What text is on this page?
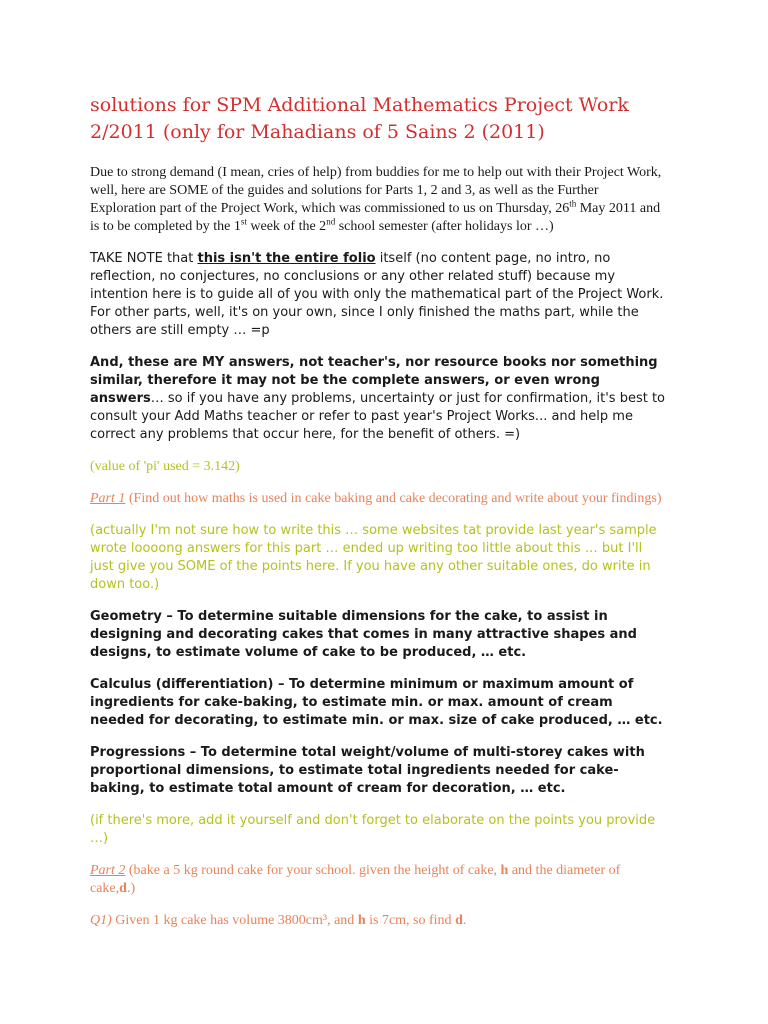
solutions for SPM Additional Mathematics Project Work 2/2011 (only for Mahadians of 5 Sains 2 (2011)

Due to strong demand (I mean, cries of help) from buddies for me to help out with their Project Work, well, here are SOME of the guides and solutions for Parts 1, 2 and 3, as well as the Further Exploration part of the Project Work, which was commissioned to us on Thursday, 26th May 2011 and is to be completed by the 1st week of the 2nd school semester (after holidays lor …)

TAKE NOTE that this isn't the entire folio itself (no content page, no intro, no reflection, no conjectures, no conclusions or any other related stuff) because my intention here is to guide all of you with only the mathematical part of the Project Work. For other parts, well, it's on your own, since I only finished the maths part, while the others are still empty … =p

And, these are MY answers, not teacher's, nor resource books nor something similar, therefore it may not be the complete answers, or even wrong answers… so if you have any problems, uncertainty or just for confirmation, it's best to consult your Add Maths teacher or refer to past year's Project Works... and help me correct any problems that occur here, for the benefit of others. =)

(value of 'pi' used = 3.142)

Part 1 (Find out how maths is used in cake baking and cake decorating and write about your findings)

(actually I'm not sure how to write this … some websites tat provide last year's sample wrote loooong answers for this part … ended up writing too little about this … but I'll just give you SOME of the points here. If you have any other suitable ones, do write in down too.)

Geometry – To determine suitable dimensions for the cake, to assist in designing and decorating cakes that comes in many attractive shapes and designs, to estimate volume of cake to be produced, … etc.

Calculus (differentiation) – To determine minimum or maximum amount of ingredients for cake-baking, to estimate min. or max. amount of cream needed for decorating, to estimate min. or max. size of cake produced, … etc.

Progressions – To determine total weight/volume of multi-storey cakes with proportional dimensions, to estimate total ingredients needed for cake-baking, to estimate total amount of cream for decoration, … etc.

(if there's more, add it yourself and don't forget to elaborate on the points you provide …)

Part 2 (bake a 5 kg round cake for your school. given the height of cake, h and the diameter of cake,d.)

Q1) Given 1 kg cake has volume 3800cm³, and h is 7cm, so find d.
